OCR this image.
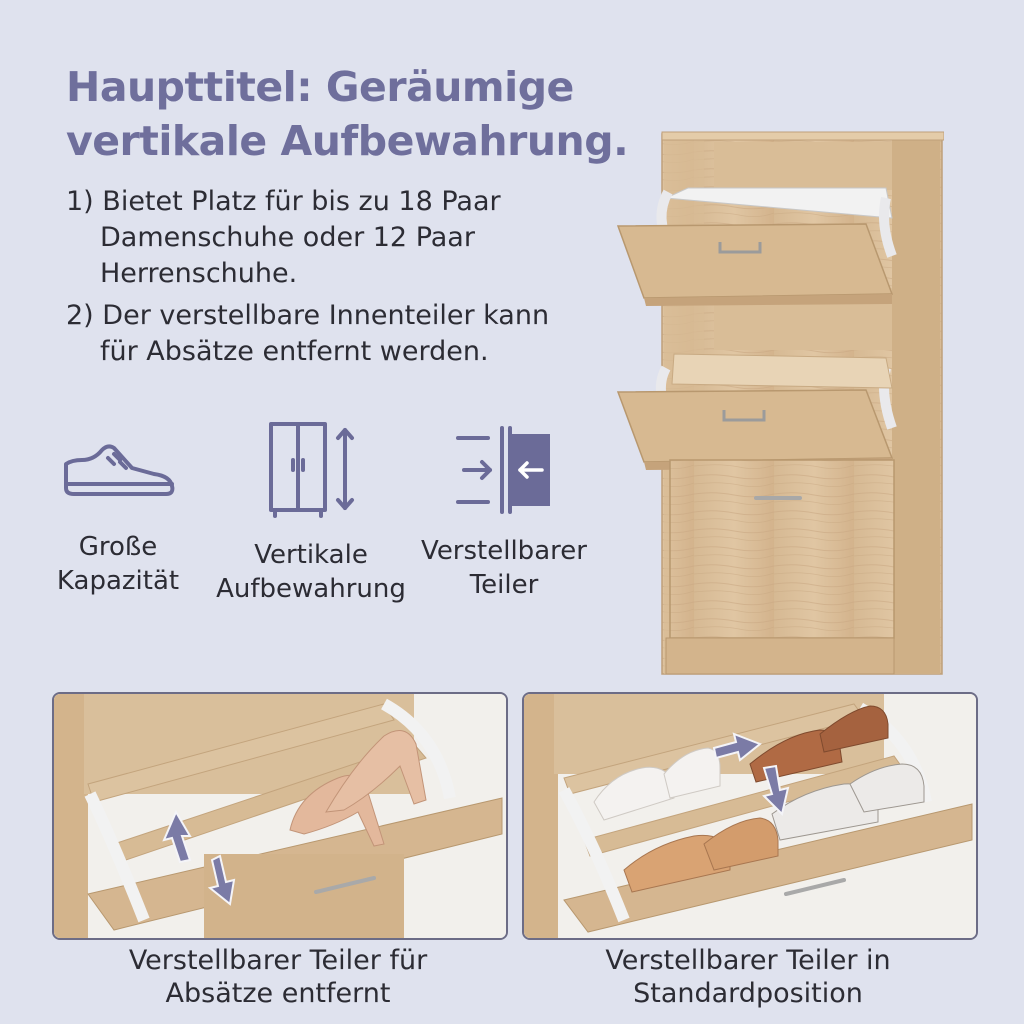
Haupttitel: Geräumige
vertikale Aufbewahrung.
1) Bietet Platz für bis zu 18 Paar
Damenschuhe oder 12 Paar
Herrenschuhe.
2) Der verstellbare Innenteiler kann
für Absätze entfernt werden.
Große
Kapazität
Vertikale
Aufbewahrung
Verstellbarer
Teiler
Verstellbarer Teiler für
Absätze entfernt
Verstellbarer Teiler in
Standardposition
